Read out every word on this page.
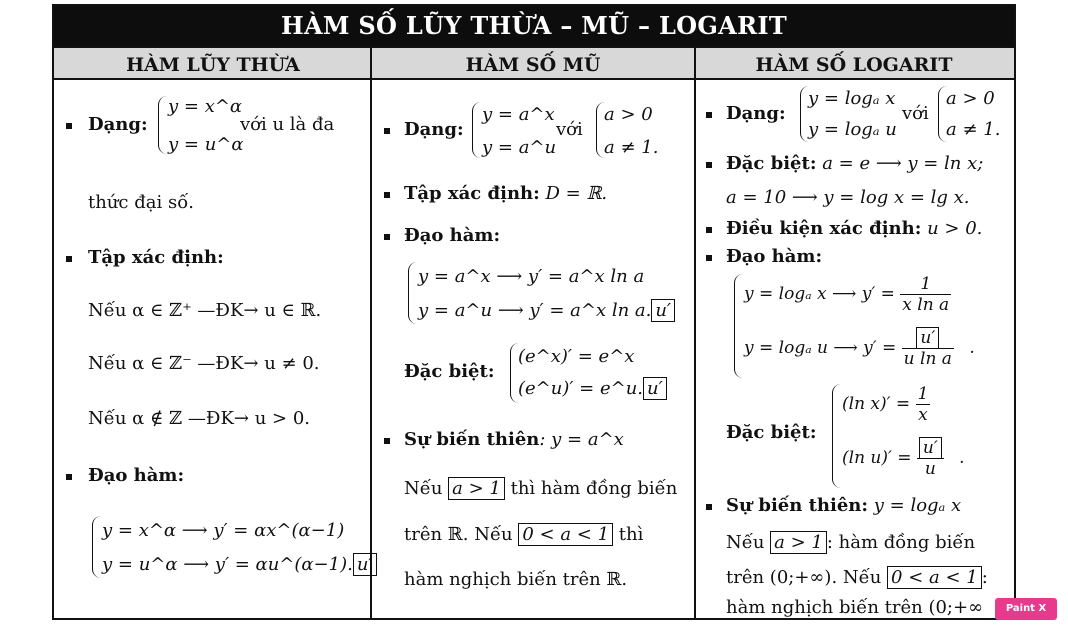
HÀM SỐ LŨY THỪA – MŨ – LOGARIT
HÀM LŨY THỪA	HÀM SỐ MŨ	HÀM SỐ LOGARIT
Dạng:
y = x^α
y = u^α
với u là đa
thức đại số.
Tập xác định:
Nếu α ∈ ℤ⁺ —ĐK→ u ∈ ℝ.
Nếu α ∈ ℤ⁻ —ĐK→ u ≠ 0.
Nếu α ∉ ℤ —ĐK→ u > 0.
Đạo hàm:
y = x^α ⟶ y′ = αx^(α−1)
y = u^α ⟶ y′ = αu^(α−1). u′
Dạng:
y = a^x
y = a^u
với
a > 0
a ≠ 1.
Tập xác định: D = ℝ.
Đạo hàm:
y = a^x ⟶ y′ = a^x ln a
y = a^u ⟶ y′ = a^x ln a. u′
Đặc biệt:
(e^x)′ = e^x
(e^u)′ = e^u. u′
Sự biến thiên: y = a^x
Nếu a > 1 thì hàm đồng biến
trên ℝ. Nếu 0 < a < 1 thì
hàm nghịch biến trên ℝ.
Dạng:
y = logₐ x
y = logₐ u
với
a > 0
a ≠ 1.
Đặc biệt: a = e ⟶ y = ln x;
a = 10 ⟶ y = log x = lg x.
Điều kiện xác định: u > 0.
Đạo hàm:
y = logₐ x ⟶ $y' = \frac{1}{\text{x ln a}}$
y = logₐ u ⟶ $y' = \frac{u'}{\text{u ln a}}$ .
Đặc biệt:
(ln $x)' = \frac{1}{x}$
(ln $u)' = \frac{u'}{u}$ .
Sự biến thiên: y = logₐ x
Nếu a > 1 : hàm đồng biến
trên (0;+∞). Nếu 0 < a < 1 :
hàm nghịch biến trên (0;+∞	Paint X lite
